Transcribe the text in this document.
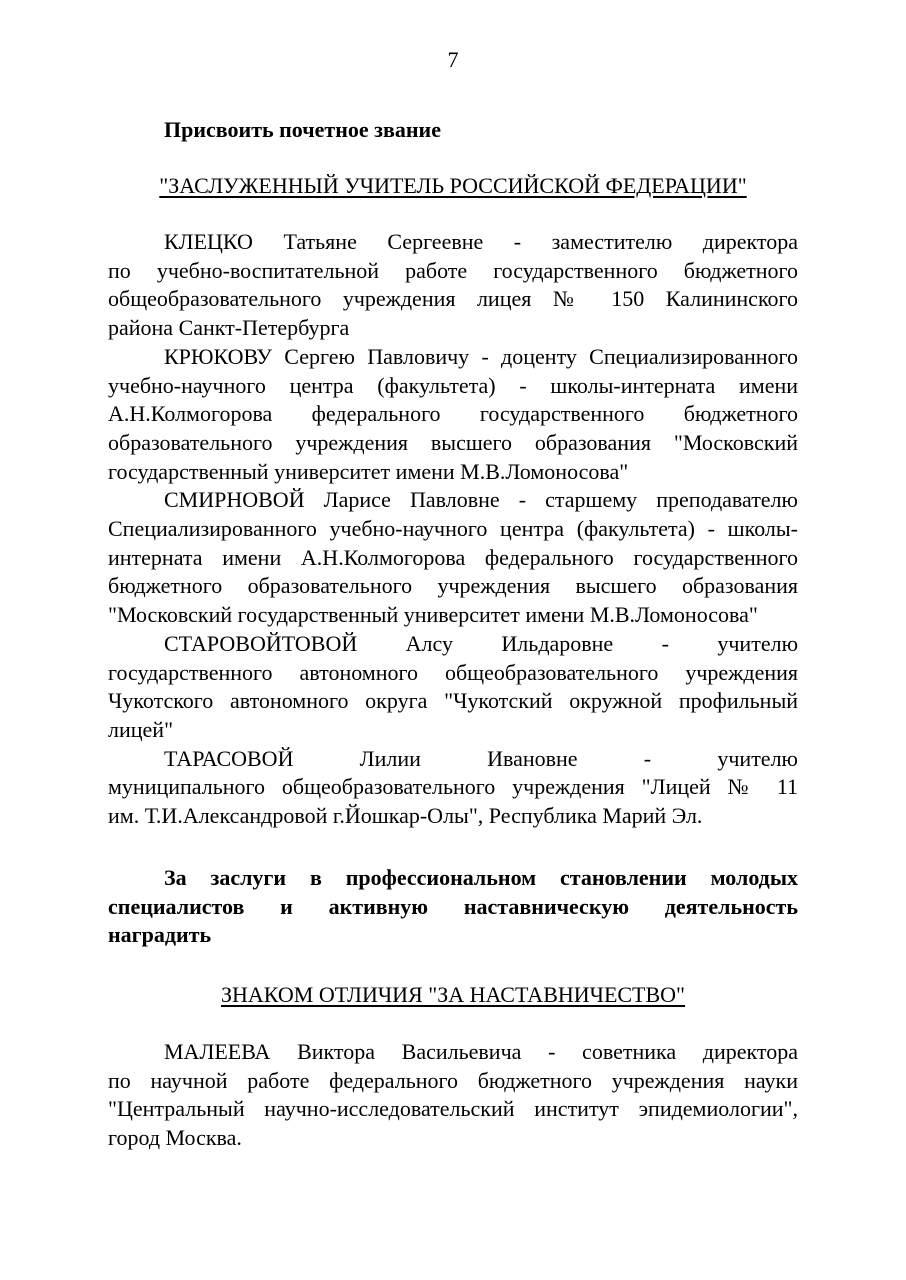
7
Присвоить почетное звание
"ЗАСЛУЖЕННЫЙ УЧИТЕЛЬ РОССИЙСКОЙ ФЕДЕРАЦИИ"

КЛЕЦКО Татьяне Сергеевне - заместителю директора
по учебно-воспитательной работе государственного бюджетного
общеобразовательного учреждения лицея № 150 Калининского
района Санкт-Петербурга

КРЮКОВУ Сергею Павловичу - доценту Специализированного
учебно-научного центра (факультета) - школы-интерната имени
А.Н.Колмогорова федерального государственного бюджетного
образовательного учреждения высшего образования "Московский
государственный университет имени М.В.Ломоносова"

СМИРНОВОЙ Ларисе Павловне - старшему преподавателю
Специализированного учебно-научного центра (факультета) - школы-
интерната имени А.Н.Колмогорова федерального государственного
бюджетного образовательного учреждения высшего образования
"Московский государственный университет имени М.В.Ломоносова"

СТАРОВОЙТОВОЙ Алсу Ильдаровне - учителю
государственного автономного общеобразовательного учреждения
Чукотского автономного округа "Чукотский окружной профильный
лицей"

ТАРАСОВОЙ Лилии Ивановне - учителю
муниципального общеобразовательного учреждения "Лицей № 11
им. Т.И.Александровой г.Йошкар-Олы", Республика Марий Эл.

За заслуги в профессиональном становлении молодых
специалистов и активную наставническую деятельность
наградить

ЗНАКОМ ОТЛИЧИЯ "ЗА НАСТАВНИЧЕСТВО"

МАЛЕЕВА Виктора Васильевича - советника директора
по научной работе федерального бюджетного учреждения науки
"Центральный научно-исследовательский институт эпидемиологии",
город Москва.
